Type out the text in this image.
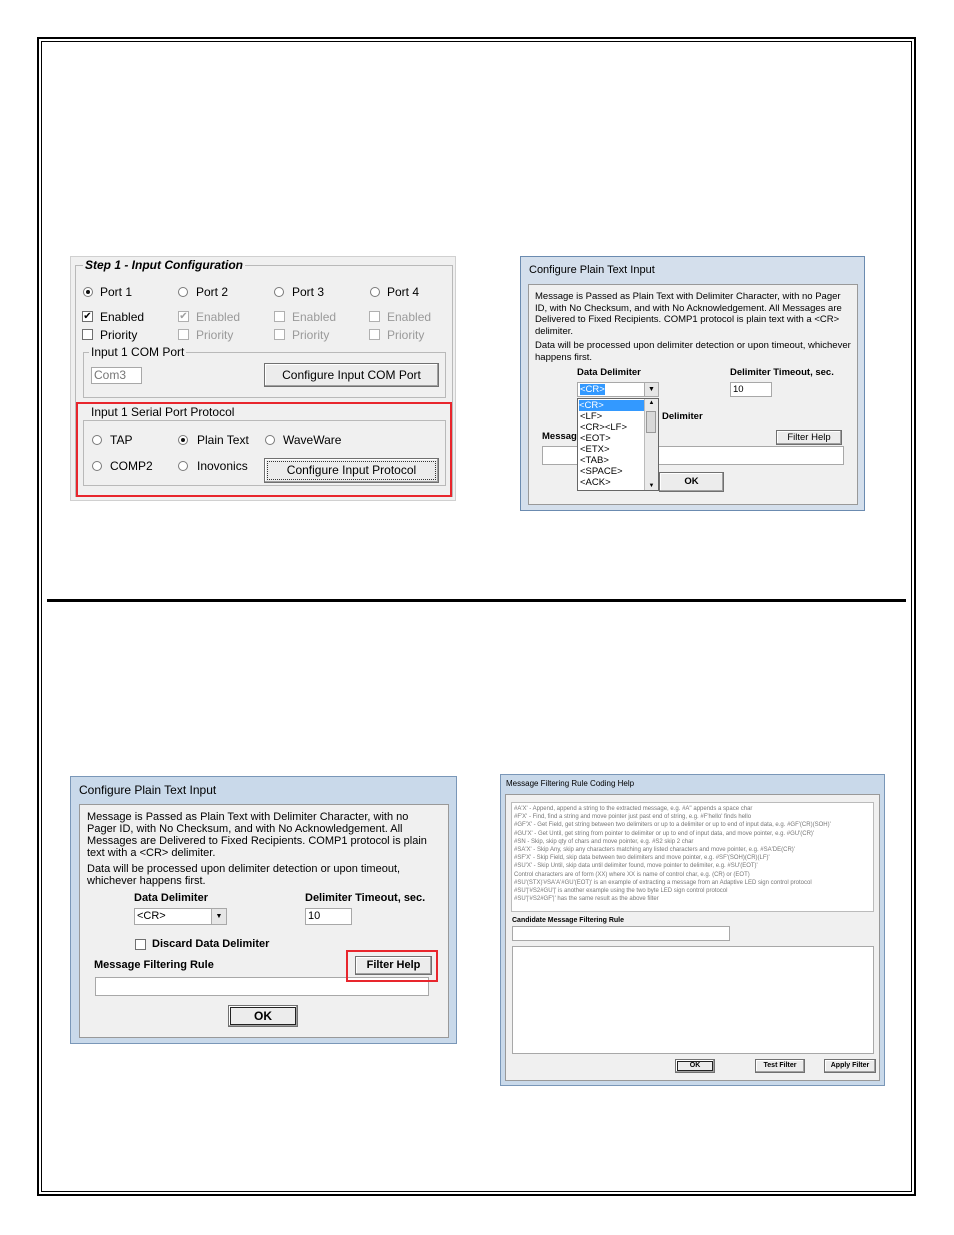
Step 1 - Input Configuration
Port 1	Port 2	Port 3	Port 4
✔ Enabled	✔ Enabled	Enabled	Enabled
Priority	Priority	Priority	Priority
Input 1 COM Port
Com3	Configure Input COM Port
Input 1 Serial Port Protocol
TAP	Plain Text	WaveWare
COMP2	Inovonics	Configure Input Protocol
Configure Plain Text Input
Message is Passed as Plain Text with Delimiter Character, with no Pager ID, with No Checksum, and with No Acknowledgement. All Messages are Delivered to Fixed Recipients. COMP1 protocol is plain text with a <CR> delimiter.
Data will be processed upon delimiter detection or upon timeout, whichever happens first.
Data Delimiter	Delimiter Timeout, sec.
<CR>	▼	10
Delimiter
Messag	Filter Help
OK
<CR>
<LF>
<CR><LF>
<EOT>
<ETX>
<TAB>
<SPACE>
<ACK>
▲
▼
Configure Plain Text Input
Message is Passed as Plain Text with Delimiter Character, with no Pager ID, with No Checksum, and with No Acknowledgement. All Messages are Delivered to Fixed Recipients. COMP1 protocol is plain text with a <CR> delimiter.
Data will be processed upon delimiter detection or upon timeout, whichever happens first.
Data Delimiter	Delimiter Timeout, sec.
<CR>	▼	10
Discard Data Delimiter
Message Filtering Rule	Filter Help
OK
Message Filtering Rule Coding Help
#A'X' - Append, append a string to the extracted message, e.g. #A'' appends a space char
#F'X' - Find, find a string and move pointer just past end of string, e.g. #F'hello' finds hello
#GF'X' - Get Field, get string between two delimiters or up to a delimiter or up to end of input data, e.g. #GF'(CR)(SOH)'
#GU'X' - Get Until, get string from pointer to delimiter or up to end of input data, and move pointer, e.g. #GU'(CR)'
#SN - Skip, skip qty of chars and move pointer, e.g. #S2 skip 2 char
#SA'X' - Skip Any, skip any characters matching any listed characters and move pointer, e.g. #SA'DE(CR)'
#SF'X' - Skip Field, skip data between two delimiters and move pointer, e.g. #SF'(SOH)(CR)(LF)'
#SU'X' - Skip Until, skip data until delimiter found, move pointer to delimiter, e.g. #SU'(EOT)'
Control characters are of form (XX) where XX is name of control char, e.g. (CR) or (EOT)
#SU'(STX)'#SA'A'#GU'(EOT)' is an example of extracting a message from an Adaptive LED sign control protocol
#SU'|'#S2#GU'|' is another example using the two byte LED sign control protocol
#SU'|'#S2#GF'|' has the same result as the above filter
Candidate Message Filtering Rule
OK	Test Filter	Apply Filter
